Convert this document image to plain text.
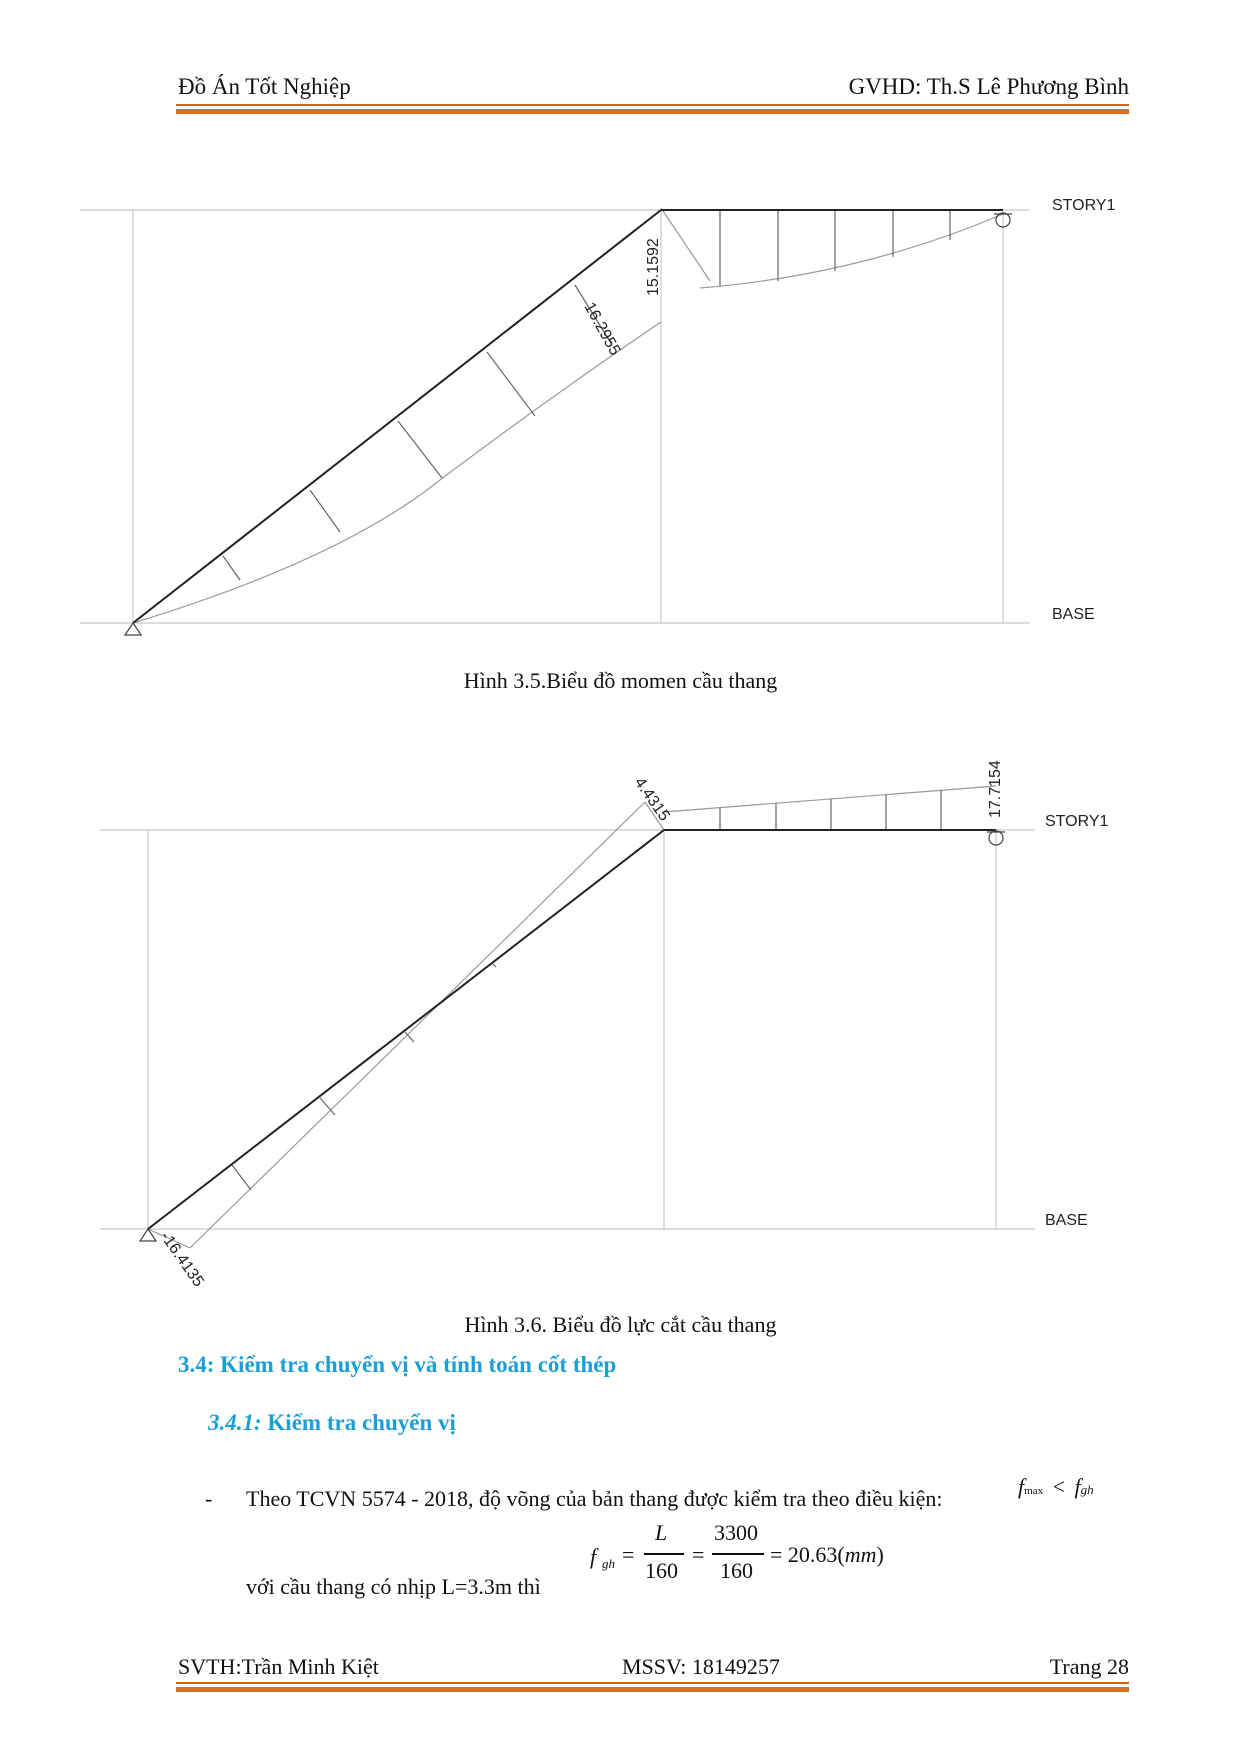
Đồ Án Tốt Nghiệp	GVHD: Th.S Lê Phương Bình
STORY1
BASE
15.1592
16.2955
Hình 3.5.Biểu đồ momen cầu thang
STORY1
BASE
4.4315	17.7154
-16.4135
Hình 3.6. Biểu đồ lực cắt cầu thang
3.4: Kiểm tra chuyển vị và tính toán cốt thép
3.4.1: Kiểm tra chuyển vị
- Theo TCVN 5574 - 2018, độ võng của bản thang được kiểm tra theo điều kiện:	fmax < fgh
với cầu thang có nhịp L=3.3m thì
f gh =
L
160
=
3300
160
= 20.63(mm)
SVTH:Trần Minh Kiệt	MSSV: 18149257	Trang 28
